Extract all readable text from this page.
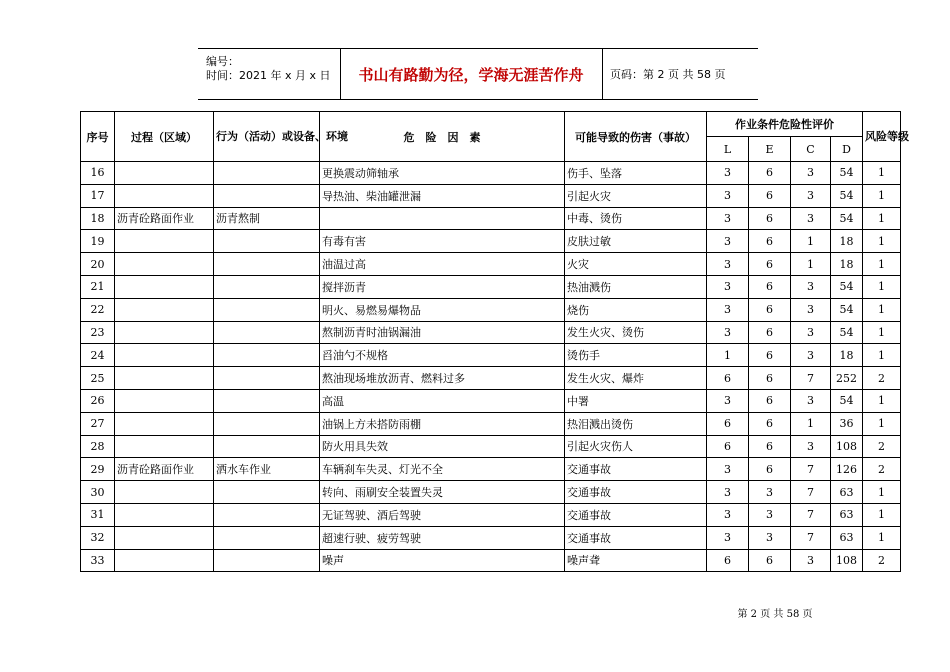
编号：
时间：2021 年 x 月 x 日 书山有路勤为径，学海无涯苦作舟	页码：第 2 页 共 58 页
序号	过程（区域）	行为（活动）或设备、环境	危　险　因　素	可能导致的伤害（事故）	作业条件危险性评价				风险等级
					L	E	C	D	
16			更换震动筛轴承	伤手、坠落	3	6	3	54	1
17			导热油、柴油罐泄漏	引起火灾	3	6	3	54	1
18	沥青砼路面作业	沥青熬制		中毒、烫伤	3	6	3	54	1
19			有毒有害	皮肤过敏	3	6	1	18	1
20			油温过高	火灾	3	6	1	18	1
21			搅拌沥青	热油溅伤	3	6	3	54	1
22			明火、易燃易爆物品	烧伤	3	6	3	54	1
23			熬制沥青时油锅漏油	发生火灾、烫伤	3	6	3	54	1
24			舀油勺不规格	烫伤手	1	6	3	18	1
25			熬油现场堆放沥青、燃料过多	发生火灾、爆炸	6	6	7	252	2
26			高温	中署	3	6	3	54	1
27			油锅上方未搭防雨棚	热泪溅出烫伤	6	6	1	36	1
28			防火用具失效	引起火灾伤人	6	6	3	108	2
29	沥青砼路面作业	洒水车作业	车辆刹车失灵、灯光不全	交通事故	3	6	7	126	2
30			转向、雨刷安全装置失灵	交通事故	3	3	7	63	1
31			无证驾驶、酒后驾驶	交通事故	3	3	7	63	1
32			超速行驶、疲劳驾驶	交通事故	3	3	7	63	1
33			噪声	噪声聋	6	6	3	108	2
第 2 页 共 58 页
